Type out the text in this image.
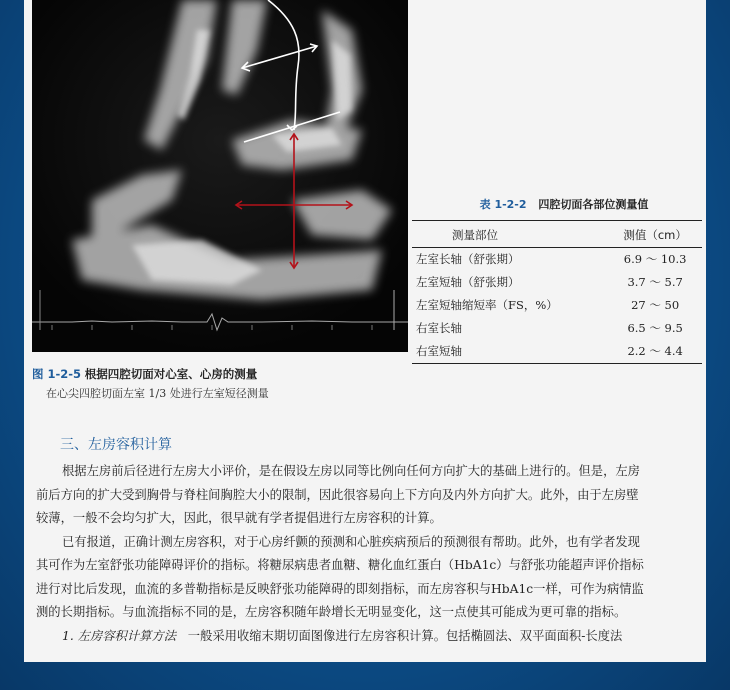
图 1-2-5 根据四腔切面对心室、心房的测量
在心尖四腔切面左室 1/3 处进行左室短径测量
表 1-2-2 四腔切面各部位测量值
测量部位	测值（cm）
左室长轴（舒张期）	6.9 ～ 10.3
左室短轴（舒张期）	3.7 ～ 5.7
左室短轴缩短率（FS，%）	27 ～ 50
右室长轴	6.5 ～ 9.5
右室短轴	2.2 ～ 4.4
三、左房容积计算

根据左房前后径进行左房大小评价，是在假设左房以同等比例向任何方向扩大的基础上进行的。但是，左房

前后方向的扩大受到胸骨与脊柱间胸腔大小的限制，因此很容易向上下方向及内外方向扩大。此外，由于左房壁

较薄，一般不会均匀扩大，因此，很早就有学者提倡进行左房容积的计算。

已有报道，正确计测左房容积，对于心房纤颤的预测和心脏疾病预后的预测很有帮助。此外，也有学者发现

其可作为左室舒张功能障碍评价的指标。将糖尿病患者血糖、糖化血红蛋白（HbA1c）与舒张功能超声评价指标

进行对比后发现，血流的多普勒指标是反映舒张功能障碍的即刻指标，而左房容积与HbA1c一样，可作为病情监

测的长期指标。与血流指标不同的是，左房容积随年龄增长无明显变化，这一点使其可能成为更可靠的指标。

1. 左房容积计算方法 一般采用收缩末期切面图像进行左房容积计算。包括椭圆法、双平面面积-长度法
